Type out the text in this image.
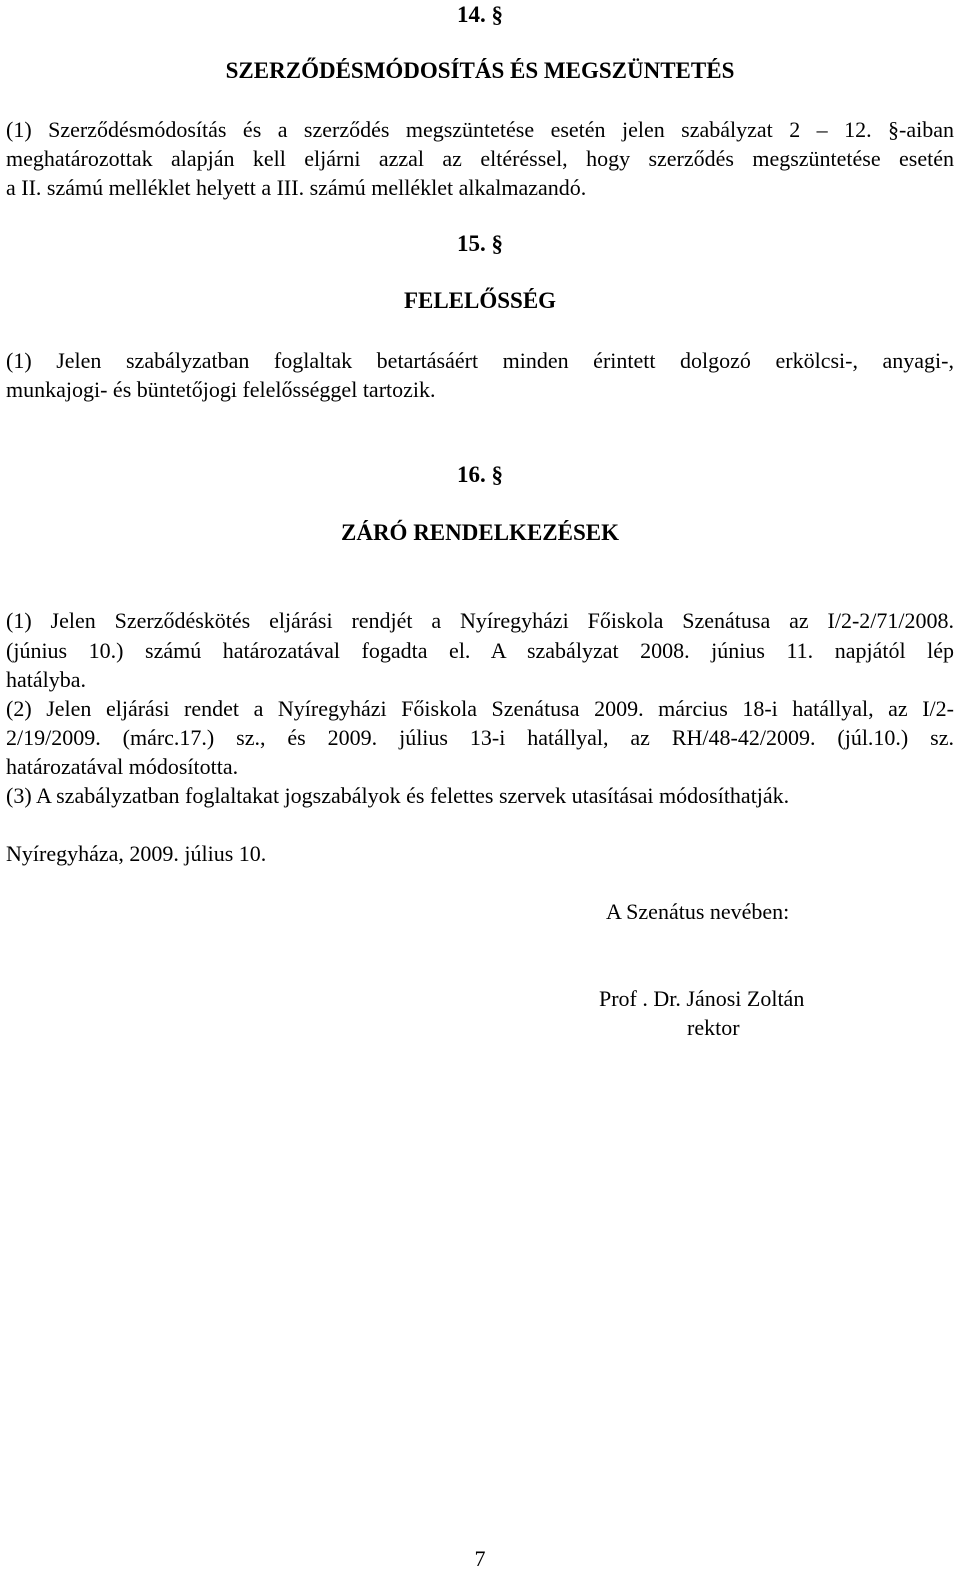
14. §
SZERZŐDÉSMÓDOSÍTÁS ÉS MEGSZÜNTETÉS
(1) Szerződésmódosítás és a szerződés megszüntetése esetén jelen szabályzat 2 – 12. §-aiban
meghatározottak alapján kell eljárni azzal az eltéréssel, hogy szerződés megszüntetése esetén
a II. számú melléklet helyett a III. számú melléklet alkalmazandó.
15. §
FELELŐSSÉG
(1) Jelen szabályzatban foglaltak betartásáért minden érintett dolgozó erkölcsi-, anyagi-,
munkajogi- és büntetőjogi felelősséggel tartozik.
16. §
ZÁRÓ RENDELKEZÉSEK
(1) Jelen Szerződéskötés eljárási rendjét a Nyíregyházi Főiskola Szenátusa az I/2-2/71/2008.
(június 10.) számú határozatával fogadta el. A szabályzat 2008. június 11. napjától lép
hatályba.
(2) Jelen eljárási rendet a Nyíregyházi Főiskola Szenátusa 2009. március 18-i hatállyal, az I/2-
2/19/2009. (márc.17.) sz., és 2009. július 13-i hatállyal, az RH/48-42/2009. (júl.10.) sz.
határozatával módosította.
(3) A szabályzatban foglaltakat jogszabályok és felettes szervek utasításai módosíthatják.
Nyíregyháza, 2009. július 10.
A Szenátus nevében:
Prof . Dr. Jánosi Zoltán
rektor
7
